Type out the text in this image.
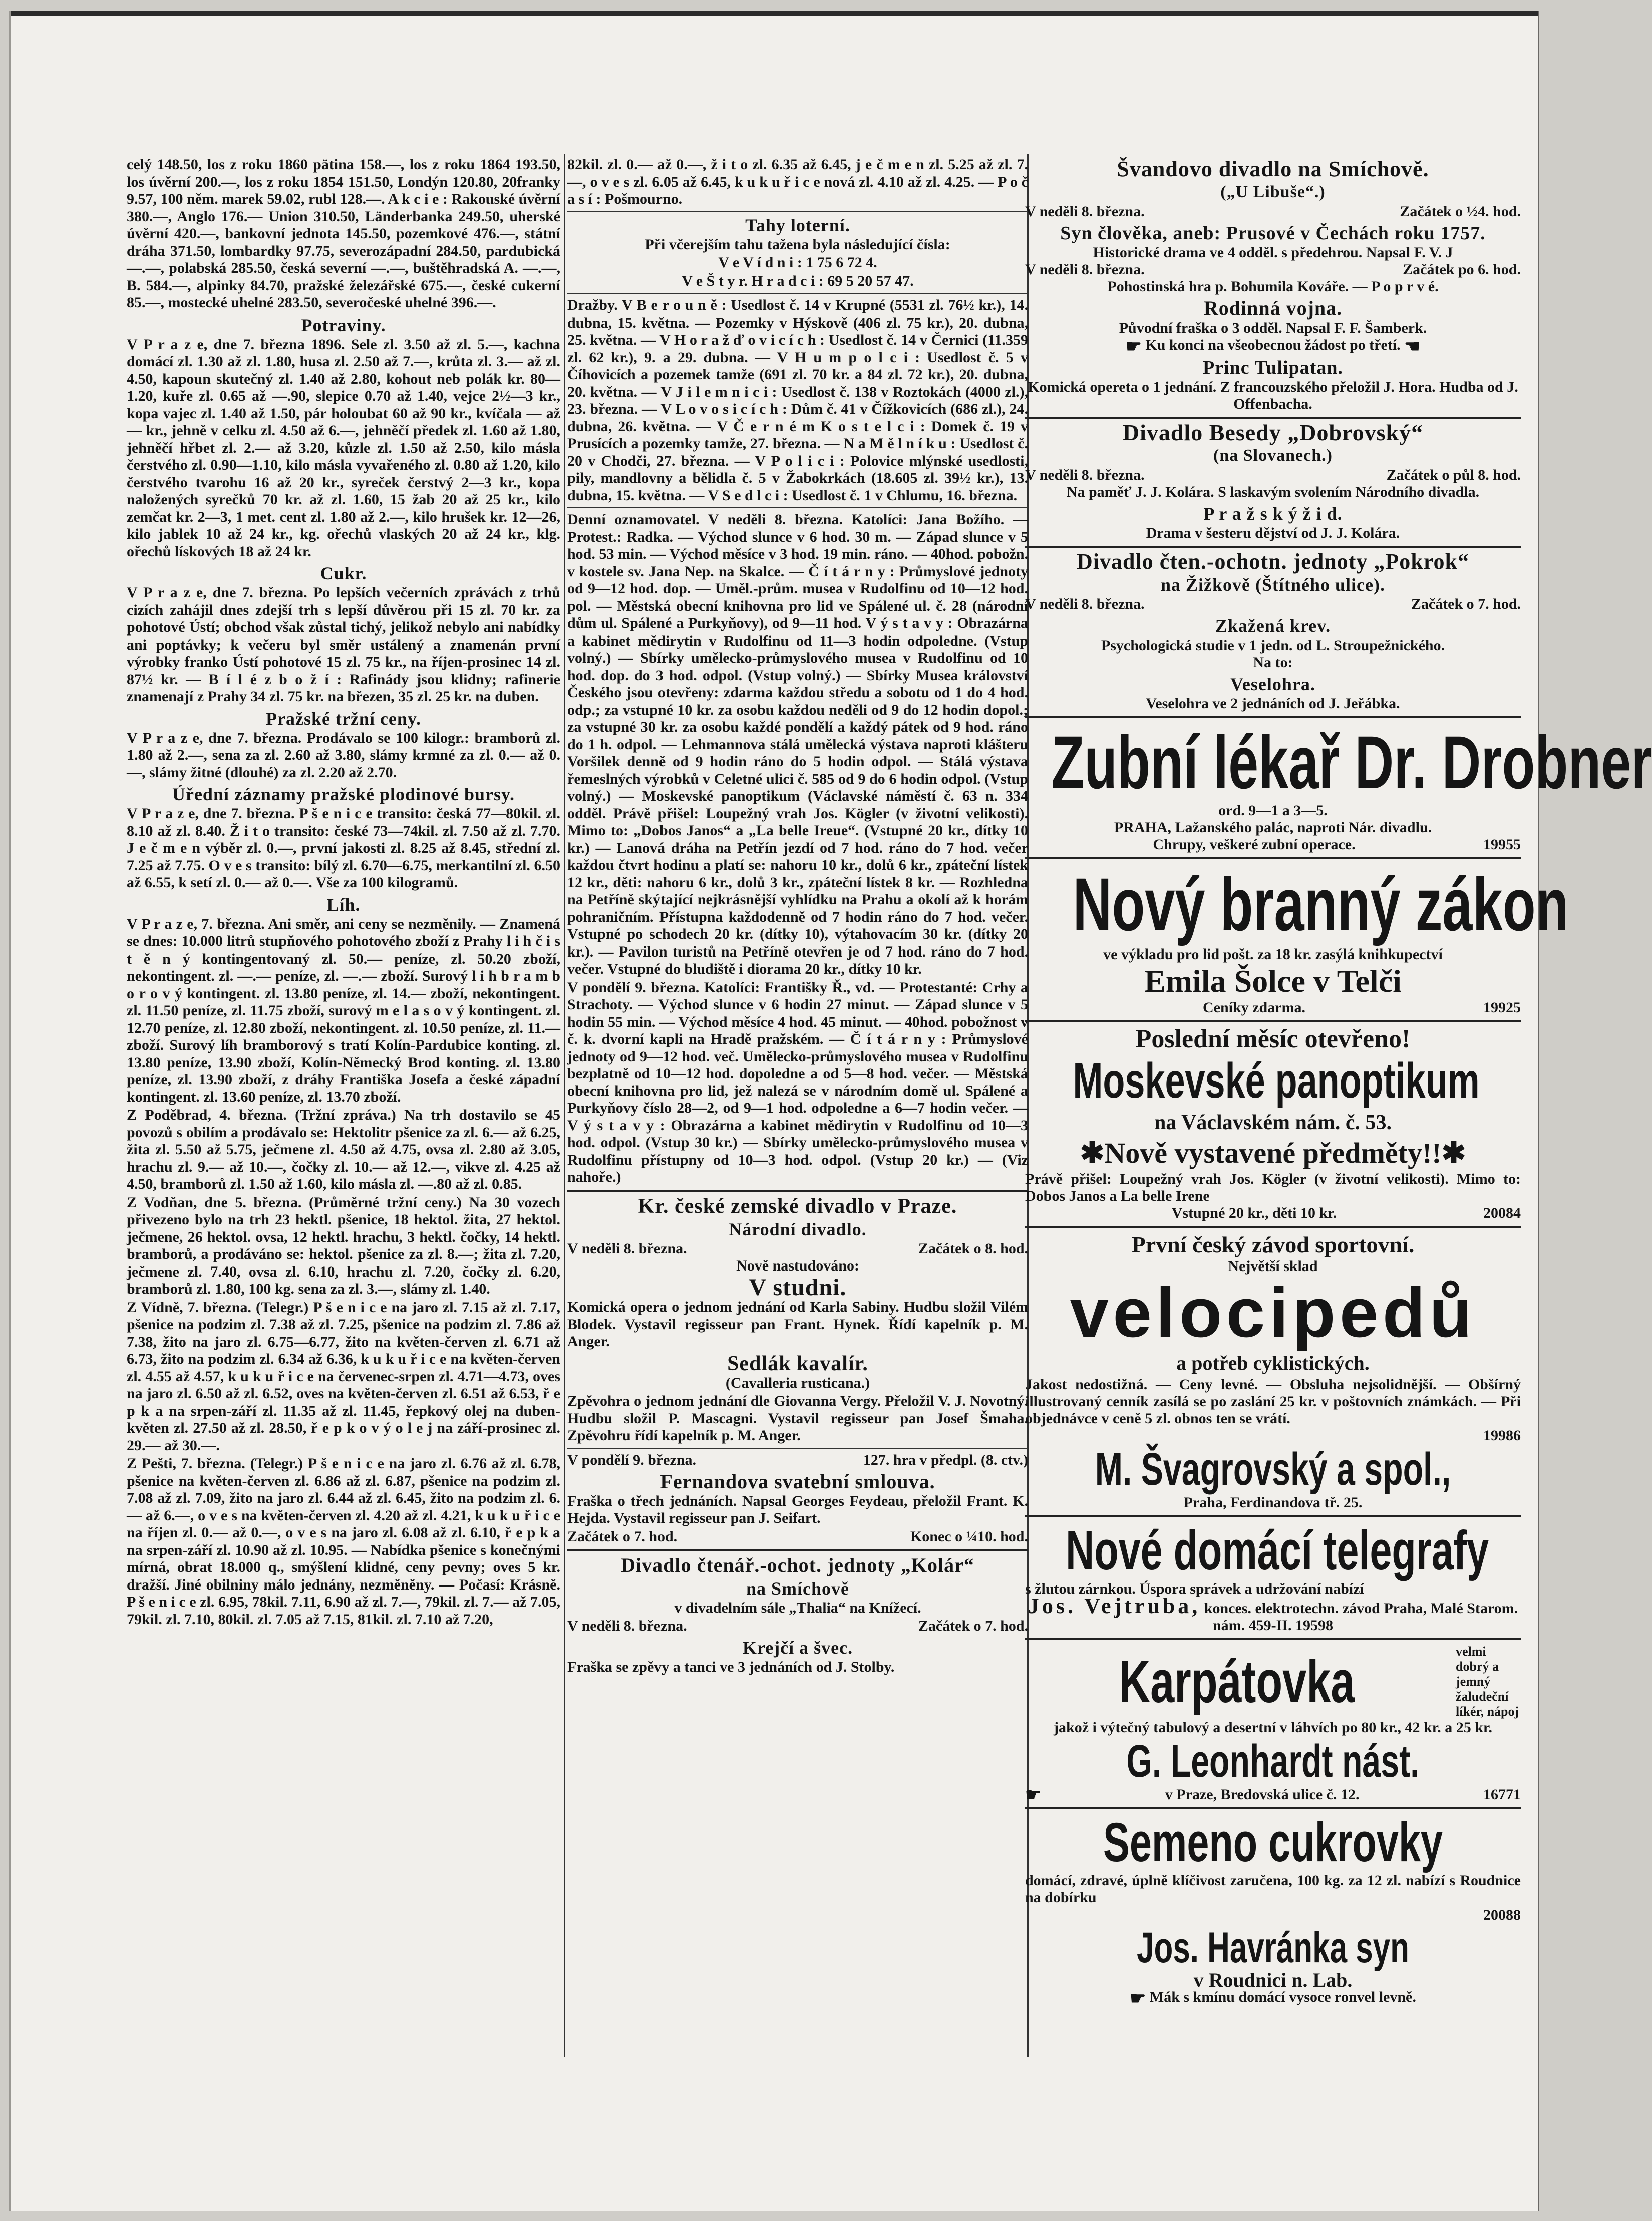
celý 148.50, los z roku 1860 pätina 158.—, los z roku 1864 193.50, los úvěrní 200.—, los z roku 1854 151.50, Londýn 120.80, 20franky 9.57, 100 něm. marek 59.02, rubl 128.—. A k c i e : Rakouské úvěrní 380.—, Anglo 176.— Union 310.50, Länderbanka 249.50, uherské úvěrní 420.—, bankovní jednota 145.50, pozemkové 476.—, státní dráha 371.50, lombardky 97.75, severozápadní 284.50, pardubická —.—, polabská 285.50, česká severní —.—, buštěhradská A. —.—, B. 584.—, alpinky 84.70, pražské železářské 675.—, české cukerní 85.—, mostecké uhelné 283.50, severočeské uhelné 396.—.

Potraviny.

V P r a z e, dne 7. března 1896. Sele zl. 3.50 až zl. 5.—, kachna domácí zl. 1.30 až zl. 1.80, husa zl. 2.50 až 7.—, krůta zl. 3.— až zl. 4.50, kapoun skutečný zl. 1.40 až 2.80, kohout neb polák kr. 80—1.20, kuře zl. 0.65 až —.90, slepice 0.70 až 1.40, vejce 2½—3 kr., kopa vajec zl. 1.40 až 1.50, pár holoubat 60 až 90 kr., kvíčala — až — kr., jehně v celku zl. 4.50 až 6.—, jehněčí předek zl. 1.60 až 1.80, jehněčí hřbet zl. 2.— až 3.20, kůzle zl. 1.50 až 2.50, kilo másla čerstvého zl. 0.90—1.10, kilo másla vyvařeného zl. 0.80 až 1.20, kilo čerstvého tvarohu 16 až 20 kr., syreček čerstvý 2—3 kr., kopa naložených syrečků 70 kr. až zl. 1.60, 15 žab 20 až 25 kr., kilo zemčat kr. 2—3, 1 met. cent zl. 1.80 až 2.—, kilo hrušek kr. 12—26, kilo jablek 10 až 24 kr., kg. ořechů vlaských 20 až 24 kr., klg. ořechů lískových 18 až 24 kr.

Cukr.

V P r a z e, dne 7. března. Po lepších večerních zprávách z trhů cizích zahájil dnes zdejší trh s lepší důvěrou při 15 zl. 70 kr. za pohotové Ústí; obchod však zůstal tichý, jelikož nebylo ani nabídky ani poptávky; k večeru byl směr ustálený a znamenán první výrobky franko Ústí pohotové 15 zl. 75 kr., na říjen-prosinec 14 zl. 87½ kr. — B í l é z b o ž í : Rafinády jsou klidny; rafinerie znamenají z Prahy 34 zl. 75 kr. na březen, 35 zl. 25 kr. na duben.

Pražské tržní ceny.

V P r a z e, dne 7. března. Prodávalo se 100 kilogr.: bramborů zl. 1.80 až 2.—, sena za zl. 2.60 až 3.80, slámy krmné za zl. 0.— až 0.—, slámy žitné (dlouhé) za zl. 2.20 až 2.70.

Úřední záznamy pražské plodinové bursy.

V P r a z e, dne 7. března. P š e n i c e transito: česká 77—80kil. zl. 8.10 až zl. 8.40. Ž i t o transito: české 73—74kil. zl. 7.50 až zl. 7.70. J e č m e n výběr zl. 0.—, první jakosti zl. 8.25 až 8.45, střední zl. 7.25 až 7.75. O v e s transito: bílý zl. 6.70—6.75, merkantilní zl. 6.50 až 6.55, k setí zl. 0.— až 0.—. Vše za 100 kilogramů.

Líh.

V P r a z e, 7. března. Ani směr, ani ceny se nezměnily. — Znamená se dnes: 10.000 litrů stupňového pohotového zboží z Prahy l i h č i s t ě n ý kontingentovaný zl. 50.— peníze, zl. 50.20 zboží, nekontingent. zl. —.— peníze, zl. —.— zboží. Surový l i h b r a m b o r o v ý kontingent. zl. 13.80 peníze, zl. 14.— zboží, nekontingent. zl. 11.50 peníze, zl. 11.75 zboží, surový m e l a s o v ý kontingent. zl. 12.70 peníze, zl. 12.80 zboží, nekontingent. zl. 10.50 peníze, zl. 11.— zboží. Surový líh bramborový s tratí Kolín-Pardubice konting. zl. 13.80 peníze, 13.90 zboží, Kolín-Německý Brod konting. zl. 13.80 peníze, zl. 13.90 zboží, z dráhy Františka Josefa a české západní kontingent. zl. 13.60 peníze, zl. 13.70 zboží.

Z Poděbrad, 4. března. (Tržní zpráva.) Na trh dostavilo se 45 povozů s obilím a prodávalo se: Hektolitr pšenice za zl. 6.— až 6.25, žita zl. 5.50 až 5.75, ječmene zl. 4.50 až 4.75, ovsa zl. 2.80 až 3.05, hrachu zl. 9.— až 10.—, čočky zl. 10.— až 12.—, vikve zl. 4.25 až 4.50, bramborů zl. 1.50 až 1.60, kilo másla zl. —.80 až zl. 0.85.

Z Vodňan, dne 5. března. (Průměrné tržní ceny.) Na 30 vozech přivezeno bylo na trh 23 hektl. pšenice, 18 hektol. žita, 27 hektol. ječmene, 26 hektol. ovsa, 12 hektl. hrachu, 3 hektl. čočky, 14 hektl. bramborů, a prodáváno se: hektol. pšenice za zl. 8.—; žita zl. 7.20, ječmene zl. 7.40, ovsa zl. 6.10, hrachu zl. 7.20, čočky zl. 6.20, bramborů zl. 1.80, 100 kg. sena za zl. 3.—, slámy zl. 1.40.

Z Vídně, 7. března. (Telegr.) P š e n i c e na jaro zl. 7.15 až zl. 7.17, pšenice na podzim zl. 7.38 až zl. 7.25, pšenice na podzim zl. 7.86 až 7.38, žito na jaro zl. 6.75—6.77, žito na květen-červen zl. 6.71 až 6.73, žito na podzim zl. 6.34 až 6.36, k u k u ř i c e na květen-červen zl. 4.55 až 4.57, k u k u ř i c e na červenec-srpen zl. 4.71—4.73, oves na jaro zl. 6.50 až zl. 6.52, oves na květen-červen zl. 6.51 až 6.53, ř e p k a na srpen-září zl. 11.35 až zl. 11.45, řepkový olej na duben-květen zl. 27.50 až zl. 28.50, ř e p k o v ý o l e j na září-prosinec zl. 29.— až 30.—.

Z Pešti, 7. března. (Telegr.) P š e n i c e na jaro zl. 6.76 až zl. 6.78, pšenice na květen-červen zl. 6.86 až zl. 6.87, pšenice na podzim zl. 7.08 až zl. 7.09, žito na jaro zl. 6.44 až zl. 6.45, žito na podzim zl. 6.— až 6.—, o v e s na květen-červen zl. 4.20 až zl. 4.21, k u k u ř i c e na říjen zl. 0.— až 0.—, o v e s na jaro zl. 6.08 až zl. 6.10, ř e p k a na srpen-září zl. 10.90 až zl. 10.95. — Nabídka pšenice s konečnými mírná, obrat 18.000 q., smýšlení klidné, ceny pevny; oves 5 kr. dražší. Jiné obilniny málo jednány, nezměněny. — Počasí: Krásně. P š e n i c e zl. 6.95, 78kil. 7.11, 6.90 až zl. 7.—, 79kil. zl. 7.— až 7.05, 79kil. zl. 7.10, 80kil. zl. 7.05 až 7.15, 81kil. zl. 7.10 až 7.20,

82kil. zl. 0.— až 0.—, ž i t o zl. 6.35 až 6.45, j e č m e n zl. 5.25 až zl. 7.—, o v e s zl. 6.05 až 6.45, k u k u ř i c e nová zl. 4.10 až zl. 4.25. — P o č a s í : Pošmourno.

Tahy loterní.

Při včerejším tahu tažena byla následující čísla:

V e V í d n i : 1 75 6 72 4.

V e Š t y r. H r a d c i : 69 5 20 57 47.

Dražby. V B e r o u n ě : Usedlost č. 14 v Krupné (5531 zl. 76½ kr.), 14. dubna, 15. května. — Pozemky v Hýskově (406 zl. 75 kr.), 20. dubna, 25. května. — V H o r a ž ď o v i c í c h : Usedlost č. 14 v Černici (11.359 zl. 62 kr.), 9. a 29. dubna. — V H u m p o l c i : Usedlost č. 5 v Číhovicích a pozemek tamže (691 zl. 70 kr. a 84 zl. 72 kr.), 20. dubna, 20. května. — V J i l e m n i c i : Usedlost č. 138 v Roztokách (4000 zl.), 23. března. — V L o v o s i c í c h : Dům č. 41 v Čížkovicích (686 zl.), 24. dubna, 26. května. — V Č e r n é m K o s t e l c i : Domek č. 19 v Prusících a pozemky tamže, 27. března. — N a M ě l n í k u : Usedlost č. 20 v Chodči, 27. března. — V P o l i c i : Polovice mlýnské usedlosti, pily, mandlovny a bělidla č. 5 v Žabokrkách (18.605 zl. 39½ kr.), 13. dubna, 15. května. — V S e d l c i : Usedlost č. 1 v Chlumu, 16. března.

Denní oznamovatel. V neděli 8. března. Katolíci: Jana Božího. — Protest.: Radka. — Východ slunce v 6 hod. 30 m. — Západ slunce v 5 hod. 53 min. — Východ měsíce v 3 hod. 19 min. ráno. — 40hod. pobožn. v kostele sv. Jana Nep. na Skalce. — Č í t á r n y : Průmyslové jednoty od 9—12 hod. dop. — Uměl.-prům. musea v Rudolfinu od 10—12 hod. pol. — Městská obecní knihovna pro lid ve Spálené ul. č. 28 (národní dům ul. Spálené a Purkyňovy), od 9—11 hod. V ý s t a v y : Obrazárna a kabinet mědirytin v Rudolfinu od 11—3 hodin odpoledne. (Vstup volný.) — Sbírky umělecko-průmyslového musea v Rudolfinu od 10 hod. dop. do 3 hod. odpol. (Vstup volný.) — Sbírky Musea království Českého jsou otevřeny: zdarma každou středu a sobotu od 1 do 4 hod. odp.; za vstupné 10 kr. za osobu každou neděli od 9 do 12 hodin dopol.; za vstupné 30 kr. za osobu každé pondělí a každý pátek od 9 hod. ráno do 1 h. odpol. — Lehmannova stálá umělecká výstava naproti klášteru Voršilek denně od 9 hodin ráno do 5 hodin odpol. — Stálá výstava řemeslných výrobků v Celetné ulici č. 585 od 9 do 6 hodin odpol. (Vstup volný.) — Moskevské panoptikum (Václavské náměstí č. 63 n. 334 odděl. Právě přišel: Loupežný vrah Jos. Kögler (v životní velikosti). Mimo to: „Dobos Janos“ a „La belle Ireue“. (Vstupné 20 kr., dítky 10 kr.) — Lanová dráha na Petřín jezdí od 7 hod. ráno do 7 hod. večer každou čtvrt hodinu a platí se: nahoru 10 kr., dolů 6 kr., zpáteční lístek 12 kr., děti: nahoru 6 kr., dolů 3 kr., zpáteční lístek 8 kr. — Rozhledna na Petříně skýtající nejkrásnější vyhlídku na Prahu a okolí až k horám pohraničním. Přístupna každodenně od 7 hodin ráno do 7 hod. večer. Vstupné po schodech 20 kr. (dítky 10), výtahovacím 30 kr. (dítky 20 kr.). — Pavilon turistů na Petříně otevřen je od 7 hod. ráno do 7 hod. večer. Vstupné do bludiště i diorama 20 kr., dítky 10 kr.

V pondělí 9. března. Katolíci: Františky Ř., vd. — Protestanté: Crhy a Strachoty. — Východ slunce v 6 hodin 27 minut. — Západ slunce v 5 hodin 55 min. — Východ měsíce 4 hod. 45 minut. — 40hod. pobožnost v č. k. dvorní kapli na Hradě pražském. — Č í t á r n y : Průmyslové jednoty od 9—12 hod. več. Umělecko-průmyslového musea v Rudolfinu bezplatně od 10—12 hod. dopoledne a od 5—8 hod. večer. — Městská obecní knihovna pro lid, jež nalezá se v národním domě ul. Spálené a Purkyňovy číslo 28—2, od 9—1 hod. odpoledne a 6—7 hodin večer. — V ý s t a v y : Obrazárna a kabinet mědirytin v Rudolfinu od 10—3 hod. odpol. (Vstup 30 kr.) — Sbírky umělecko-průmyslového musea v Rudolfinu přístupny od 10—3 hod. odpol. (Vstup 20 kr.) — (Viz nahoře.)

Kr. české zemské divadlo v Praze.
Národní divadlo.
V neděli 8. března.	Začátek o 8. hod.

Nově nastudováno:

V studni.

Komická opera o jednom jednání od Karla Sabiny. Hudbu složil Vilém Blodek. Vystavil regisseur pan Frant. Hynek. Řídí kapelník p. M. Anger.

Sedlák kavalír.

(Cavalleria rusticana.)

Zpěvohra o jednom jednání dle Giovanna Vergy. Přeložil V. J. Novotný. Hudbu složil P. Mascagni. Vystavil regisseur pan Josef Šmaha. Zpěvohru řídí kapelník p. M. Anger.

V pondělí 9. března.	127. hra v předpl. (8. ctv.)
Fernandova svatební smlouva.

Fraška o třech jednáních. Napsal Georges Feydeau, přeložil Frant. K. Hejda. Vystavil regisseur pan J. Seifart.

Začátek o 7. hod.	Konec o ¼10. hod.
Divadlo čtenář.-ochot. jednoty „Kolár“
na Smíchově

v divadelním sále „Thalia“ na Knížecí.

V neděli 8. března.	Začátek o 7. hod.
Krejčí a švec.

Fraška se zpěvy a tanci ve 3 jednáních od J. Stolby.

Švandovo divadlo na Smíchově.
(„U Libuše“.)
V neděli 8. března.	Začátek o ½4. hod.
Syn člověka, aneb: Prusové v Čechách roku 1757.

Historické drama ve 4 odděl. s předehrou. Napsal F. V. J

V neděli 8. března.	Začátek po 6. hod.

Pohostinská hra p. Bohumila Kováře. — P o p r v é.

Rodinná vojna.

Původní fraška o 3 odděl. Napsal F. F. Šamberk.

☛ Ku konci na všeobecnou žádost po třetí. ☚

Princ Tulipatan.

Komická opereta o 1 jednání. Z francouzského přeložil J. Hora. Hudba od J. Offenbacha.

Divadlo Besedy „Dobrovský“
(na Slovanech.)
V neděli 8. března.	Začátek o půl 8. hod.

Na paměť J. J. Kolára. S laskavým svolením Národního divadla.

P r a ž s k ý ž i d.

Drama v šesteru dějství od J. J. Kolára.

Divadlo čten.-ochotn. jednoty „Pokrok“
na Žižkově (Štítného ulice).
V neděli 8. března.	Začátek o 7. hod.
Zkažená krev.

Psychologická studie v 1 jedn. od L. Stroupežnického.

Na to:

Veselohra.

Veselohra ve 2 jednáních od J. Jeřábka.

Zubní lékař Dr. Drobner

ord. 9—1 a 3—5.

PRAHA, Lažanského palác, naproti Nár. divadlu.

Chrupy, veškeré zubní operace.	19955
Nový branný zákon

ve výkladu pro lid pošt. za 18 kr. zasýlá knihkupectví

Emila Šolce v Telči
Ceníky zdarma.	19925
Poslední měsíc otevřeno!
Moskevské panoptikum
na Václavském nám. č. 53.
✱Nově vystavené předměty!!✱

Právě přišel: Loupežný vrah Jos. Kögler (v životní velikosti). Mimo to: Dobos Janos a La belle Irene

Vstupné 20 kr., děti 10 kr.	20084
První český závod sportovní.

Největší sklad

velocipedů
a potřeb cyklistických.

Jakost nedostižná. — Ceny levné. — Obsluha nejsolidnější. — Obšírný illustrovaný cenník zasílá se po zaslání 25 kr. v poštovních známkách. — Při objednávce v ceně 5 zl. obnos ten se vrátí.

19986
M. Švagrovský a spol.,

Praha, Ferdinandova tř. 25.

Nové domácí telegrafy

s žlutou zárnkou. Úspora správek a udržování nabízí

Jos. Vejtruba, konces. elektrotechn. závod Praha, Malé Starom. nám. 459-II. 19598

Karpátovka	velmi dobrý a jemný žaludeční líkér, nápoj

jakož i výtečný tabulový a desertní v láhvích po 80 kr., 42 kr. a 25 kr.

G. Leonhardt nást.
☛	v Praze, Bredovská ulice č. 12.	16771
Semeno cukrovky

domácí, zdravé, úplně klíčivost zaručena, 100 kg. za 12 zl. nabízí s Roudnice na dobírku

20088
Jos. Havránka syn

v Roudnici n. Lab.

☛ Mák s kmínu domácí vysoce ronvel levně.
